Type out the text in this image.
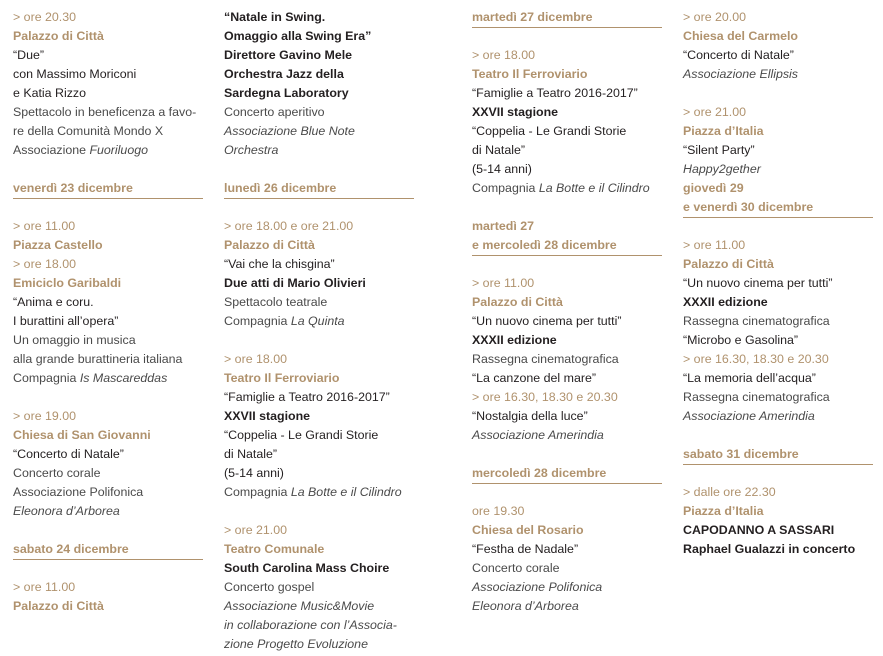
> ore 20.30
Palazzo di Città
“Due”
con Massimo Moriconi
e Katia Rizzo
Spettacolo in beneficenza a favo-
re della Comunità Mondo X
Associazione Fuoriluogo
venerdì 23 dicembre
> ore 11.00
Piazza Castello
> ore 18.00
Emiciclo Garibaldi
“Anima e coru.
I burattini all’opera”
Un omaggio in musica
alla grande burattineria italiana
Compagnia Is Mascareddas
> ore 19.00
Chiesa di San Giovanni
“Concerto di Natale”
Concerto corale
Associazione Polifonica
Eleonora d’Arborea
sabato 24 dicembre
> ore 11.00
Palazzo di Città
“Natale in Swing.
Omaggio alla Swing Era”
Direttore Gavino Mele
Orchestra Jazz della
Sardegna Laboratory
Concerto aperitivo
Associazione Blue Note
Orchestra
lunedì 26 dicembre
> ore 18.00 e ore 21.00
Palazzo di Città
“Vai che la chisgina”
Due atti di Mario Olivieri
Spettacolo teatrale
Compagnia La Quinta
> ore 18.00
Teatro Il Ferroviario
“Famiglie a Teatro 2016-2017”
XXVII stagione
“Coppelia - Le Grandi Storie
di Natale”
(5-14 anni)
Compagnia La Botte e il Cilindro
> ore 21.00
Teatro Comunale
South Carolina Mass Choire
Concerto gospel
Associazione Music&Movie
in collaborazione con l’Associa-
zione Progetto Evoluzione
martedì 27 dicembre
> ore 18.00
Teatro Il Ferroviario
“Famiglie a Teatro 2016-2017”
XXVII stagione
“Coppelia - Le Grandi Storie
di Natale”
(5-14 anni)
Compagnia La Botte e il Cilindro
martedì 27
e mercoledì 28 dicembre
> ore 11.00
Palazzo di Città
“Un nuovo cinema per tutti”
XXXII edizione
Rassegna cinematografica
“La canzone del mare”
> ore 16.30, 18.30 e 20.30
“Nostalgia della luce”
Associazione Amerindia
mercoledì 28 dicembre
ore 19.30
Chiesa del Rosario
“Festha de Nadale”
Concerto corale
Associazione Polifonica
Eleonora d’Arborea
> ore 20.00
Chiesa del Carmelo
“Concerto di Natale”
Associazione Ellipsis
> ore 21.00
Piazza d’Italia
“Silent Party”
Happy2gether
giovedì 29
e venerdì 30 dicembre
> ore 11.00
Palazzo di Città
“Un nuovo cinema per tutti”
XXXII edizione
Rassegna cinematografica
“Microbo e Gasolina”
> ore 16.30, 18.30 e 20.30
“La memoria dell’acqua”
Rassegna cinematografica
Associazione Amerindia
sabato 31 dicembre
> dalle ore 22.30
Piazza d’Italia
CAPODANNO A SASSARI
Raphael Gualazzi in concerto
